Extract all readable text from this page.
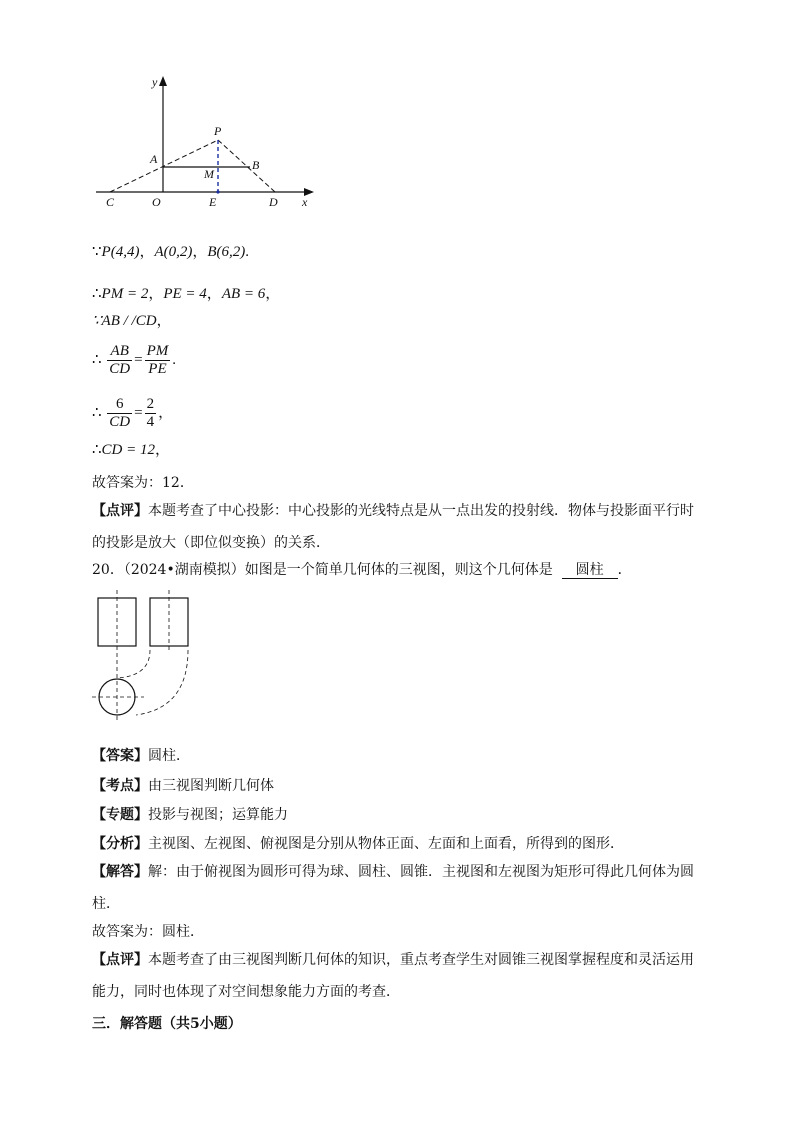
y
x
P
A	B
M
C	O	E	D
∵P(4,4)，A(0,2)，B(6,2).
∴PM = 2，PE = 4，AB = 6，
∵AB / /CD，
∴ $\frac{AB}{CD} = \frac{PM}{PE}$ .
∴ $\frac{6}{CD} = \frac{2}{4}$ ，
∴CD = 12，
故答案为：12．
【点评】本题考查了中心投影：中心投影的光线特点是从一点出发的投射线．物体与投影面平行时的投影是放大（即位似变换）的关系．
20．（2024•湖南模拟）如图是一个简单几何体的三视图，则这个几何体是 圆柱 ．
【答案】圆柱．
【考点】由三视图判断几何体
【专题】投影与视图；运算能力
【分析】主视图、左视图、俯视图是分别从物体正面、左面和上面看，所得到的图形．
【解答】解：由于俯视图为圆形可得为球、圆柱、圆锥．主视图和左视图为矩形可得此几何体为圆柱．
故答案为：圆柱．
【点评】本题考查了由三视图判断几何体的知识，重点考查学生对圆锥三视图掌握程度和灵活运用能力，同时也体现了对空间想象能力方面的考查．
三．解答题（共5小题）
